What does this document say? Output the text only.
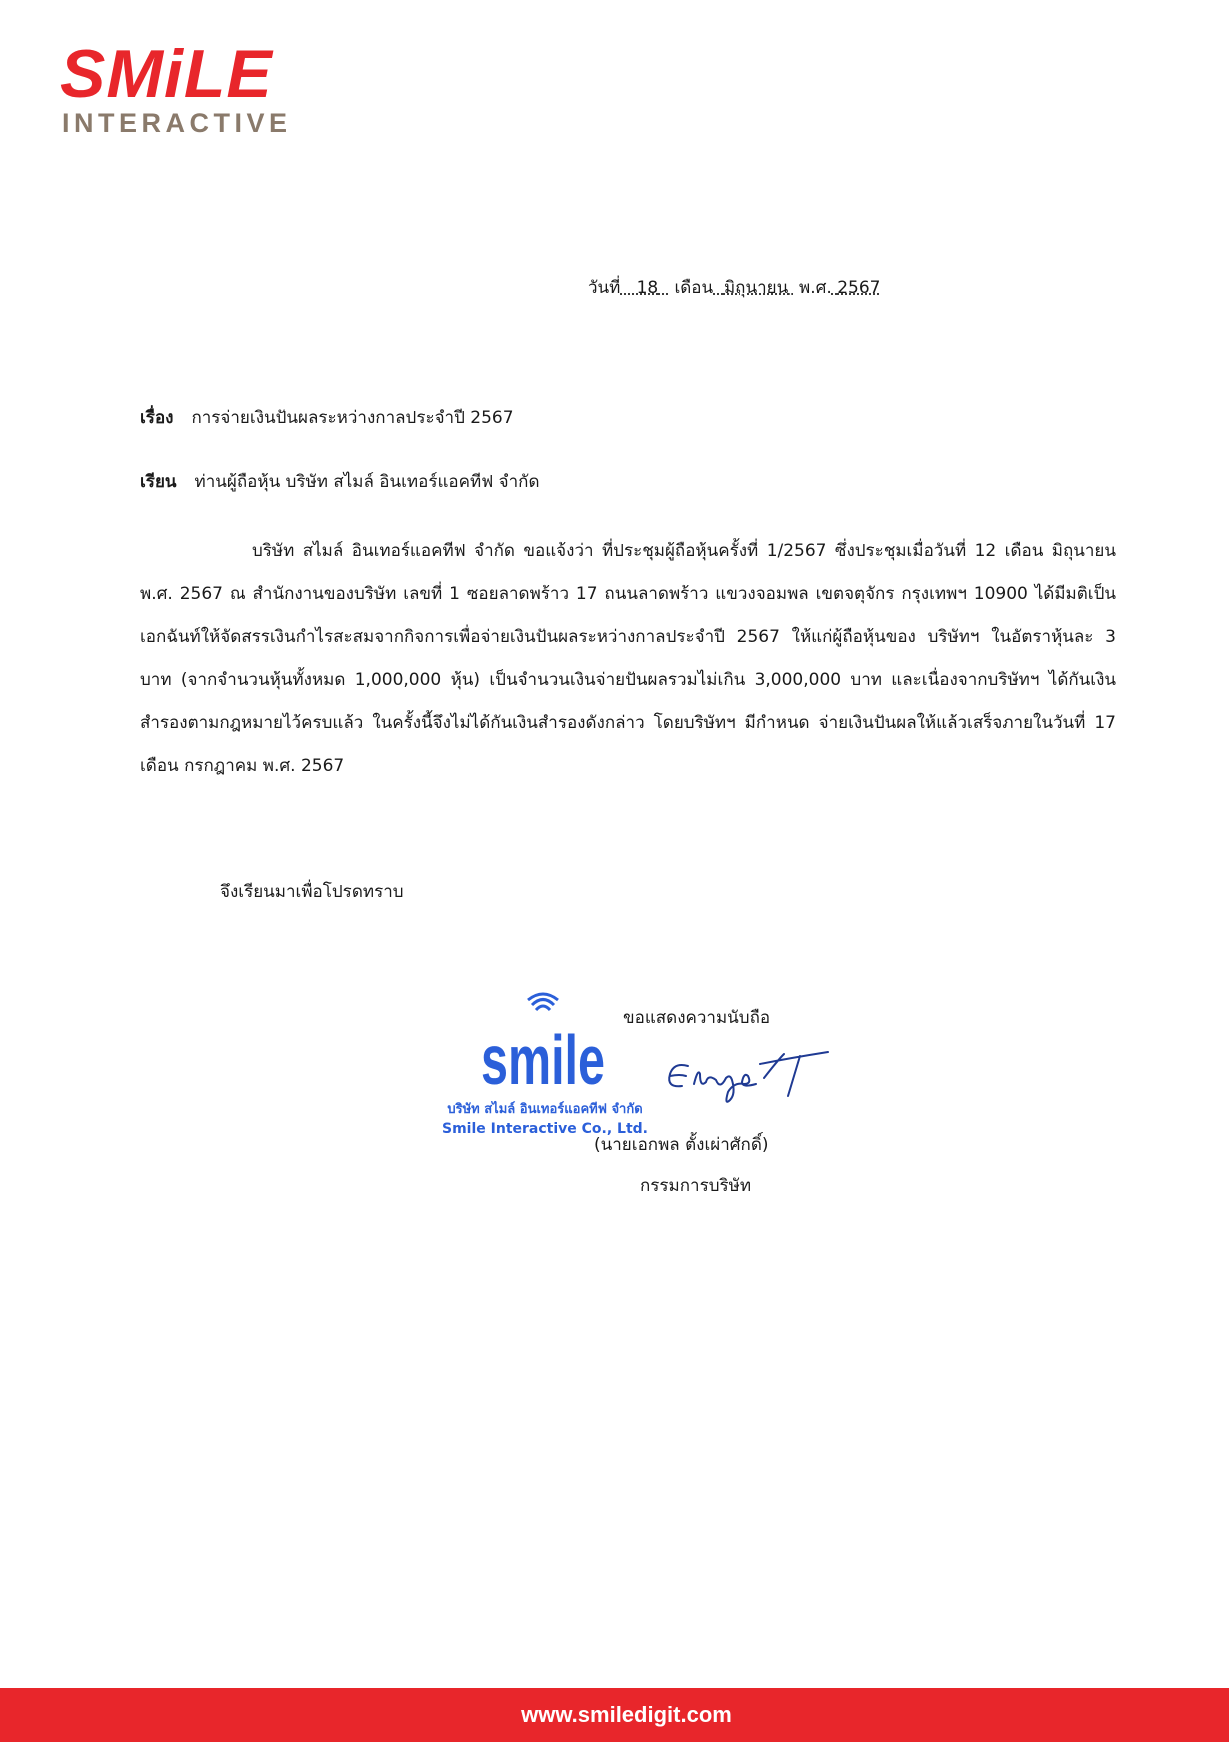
SMiLE
INTERACTIVE
วันที่ 18 เดือน มิถุนายน พ.ศ. 2567
เรื่อง การจ่ายเงินปันผลระหว่างกาลประจำปี 2567
เรียน ท่านผู้ถือหุ้น บริษัท สไมล์ อินเทอร์แอคทีฟ จำกัด
บริษัท สไมล์ อินเทอร์แอคทีฟ จำกัด ขอแจ้งว่า ที่ประชุมผู้ถือหุ้นครั้งที่ 1/2567 ซึ่งประชุมเมื่อวันที่ 12 เดือน มิถุนายน พ.ศ. 2567 ณ สำนักงานของบริษัท เลขที่ 1 ซอยลาดพร้าว 17 ถนนลาดพร้าว แขวงจอมพล เขตจตุจักร กรุงเทพฯ 10900 ได้มีมติเป็นเอกฉันท์ให้จัดสรรเงินกำไรสะสมจากกิจการเพื่อจ่ายเงินปันผลระหว่างกาลประจำปี 2567 ให้แก่ผู้ถือหุ้นของ บริษัทฯ ในอัตราหุ้นละ 3 บาท (จากจำนวนหุ้นทั้งหมด 1,000,000 หุ้น) เป็นจำนวนเงินจ่ายปันผลรวมไม่เกิน 3,000,000 บาท และเนื่องจากบริษัทฯ ได้กันเงินสำรองตามกฎหมายไว้ครบแล้ว ในครั้งนี้จึงไม่ได้กันเงินสำรองดังกล่าว โดยบริษัทฯ มีกำหนด จ่ายเงินปันผลให้แล้วเสร็จภายในวันที่ 17 เดือน กรกฎาคม พ.ศ. 2567
จึงเรียนมาเพื่อโปรดทราบ
ขอแสดงความนับถือ
smile
บริษัท สไมล์ อินเทอร์แอคทีฟ จำกัด
Smile Interactive Co., Ltd.
(นายเอกพล ตั้งเผ่าศักดิ์)
กรรมการบริษัท
www.smiledigit.com
